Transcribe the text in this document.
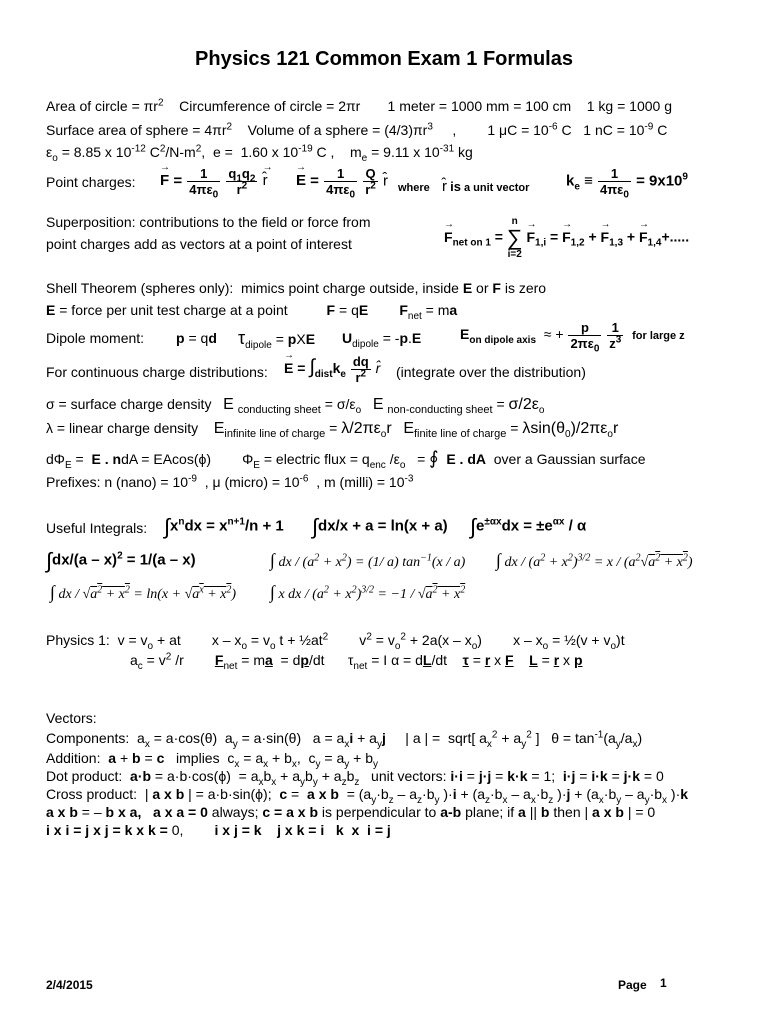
Physics 121 Common Exam 1 Formulas
Area of circle = $\pi r^2$    Circumference of circle = 2πr       1 meter = 1000 mm = 100 cm    1 kg = 1000 g
Surface area of sphere = $4\pi r^2$    Volume of a sphere = $(4/3)\pi r^3$     ,        1 $\mu C = 10^{-6}$ C   1 nC = $10^{-9}$ C
$\varepsilon_o = 8.85$ x $10^{-12}$ $C^2/N-m^2$,  e =  1.60 x $10^{-19}$ C ,    $m_e = 9.11$ x $10^{-31}$ kg
Point charges: → $F = \frac{1}{4\pi\varepsilon_0}$
$\frac{q_1q_2}{r^2}$ → r̂ → $E = \frac{1}{4\pi\varepsilon_0}$
$\frac{Q}{r^2}$ r̂ where r̂ is a unit vector $k_e \equiv \frac{1}{4\pi\varepsilon_0} = 9x10^9$
Superposition: contributions to the field or force from
point charges add as vectors at a point of interest	→ $F_{net on 1}$ =
n
∑
i=2
→ $F_{1,i}$ = → $F_{1,2}$ + → $F_{1,3}$ + → $F_{1,4}+$.....
Shell Theorem (spheres only):  mimics point charge outside, inside E or F is zero
E = force per unit test charge at a point          F = qE $F_{net}$ = ma
Dipole moment: p = qd $\tau_{dipole}$ = pXE $U_{dipole} = -p.E$	$E_{on dipole axis}$  ≈ + $\frac{p}{2\pi\varepsilon_0}$
$\frac{1}{z^3}$ for large z
For continuous charge distributions: → $E = \int_{dist}k_e \frac{dq}{r^2}$ r̂ (integrate over the distribution)
σ = surface charge density   E $_{conducting sheet} = \sigma/\varepsilon_o$ E $_{non-conducting sheet} = \sigma/2\varepsilon_o$
λ = linear charge density    $E_{infinite line of charge} = \lambda/2\pi\varepsilon_or$ $E_{finite line of charge} = \lambda\sin(\theta_0)/2\pi\varepsilon_or$
$d\Phi_E = E$ . ndA = EAcos(ϕ)        $\Phi_E$ = electric flux = $q_{enc}$ $/\varepsilon_o$   = ∮ E . dA  over a Gaussian surface
Prefixes: n (nano) = $10^{-9}$  , μ (micro) = $10^{-6}$  , m (milli) = $10^{-3}$
Useful Integrals: $\int x^ndx = x^{n+1}/n + 1$ ∫dx/x + a = ln(x + a) $\int e^{\pm\alpha x}dx = \pm e^{\alpha x} / \alpha$
∫dx/(a – x)$^2$ = 1/(a – x)	∫ dx / $(a^2 + x^2) = (1/$ a) $\tan^{-1}(x / a)$ ∫ dx / $(a^2 + x^2)^{3/2} = x / (a^2√a^2 + x^2)$
∫ dx / $√a^2 + x^2 = \ln(x + √a^x + x^2)$ ∫ x dx / $(a^2 + x^2)^{3/2} = -1 / √a^2 + x^2$
Physics 1:  $v = v_o$ + at        $x - x_o = v_o$ $t + \frac{1}{2}at^2$        $v^2 = v_o^2 + 2a(x - x_o)$        x – $x_o$ = ½(v + $v_o)t$
$a_c = v^2$ /r        $F_{net}$ = ma  = dp/dt      $\tau_{net} = I$ α = dL/dt    τ = r x F L = r x p
Vectors:
Components:  $a_x = a\cdot\cos(\theta) a_y = a\cdot\sin(\theta) a = a_xi + a_yj$     | a | =  sqrt[ $a_x^2 + a_y^2$ ]   $\theta = \tan^{-1}(a_y/a_x)$
Addition:  a + b = c   implies  $c_x = a_x + b_x$,  $c_y = a_y + b_y$
Dot product:  $a\cdot b = a\cdot b\cdot\cos(\phi) = a_xb_x + a_yb_y + a_zb_z$   unit vectors: i·i = j·j = k·k = 1;  i·j = i·k = j·k = 0
Cross product:  | a x b | = a·b·sin(ϕ);  c =  a x $b = (a_y\cdot b_z - a_z\cdot b_y$ )$\cdot i + (a_z\cdot b_x - a_x\cdot b_z$ )$\cdot j + (a_x\cdot b_y - a_y\cdot b_x$ )·k
a x b = – b x a, a x a = 0 always; c = a x b is perpendicular to a-b plane; if a || b then | a x b | = 0
i x i = j x j = k x k = 0,        i x j = k    j x k = i   k  x  i = j
2/4/2015	Page 1
